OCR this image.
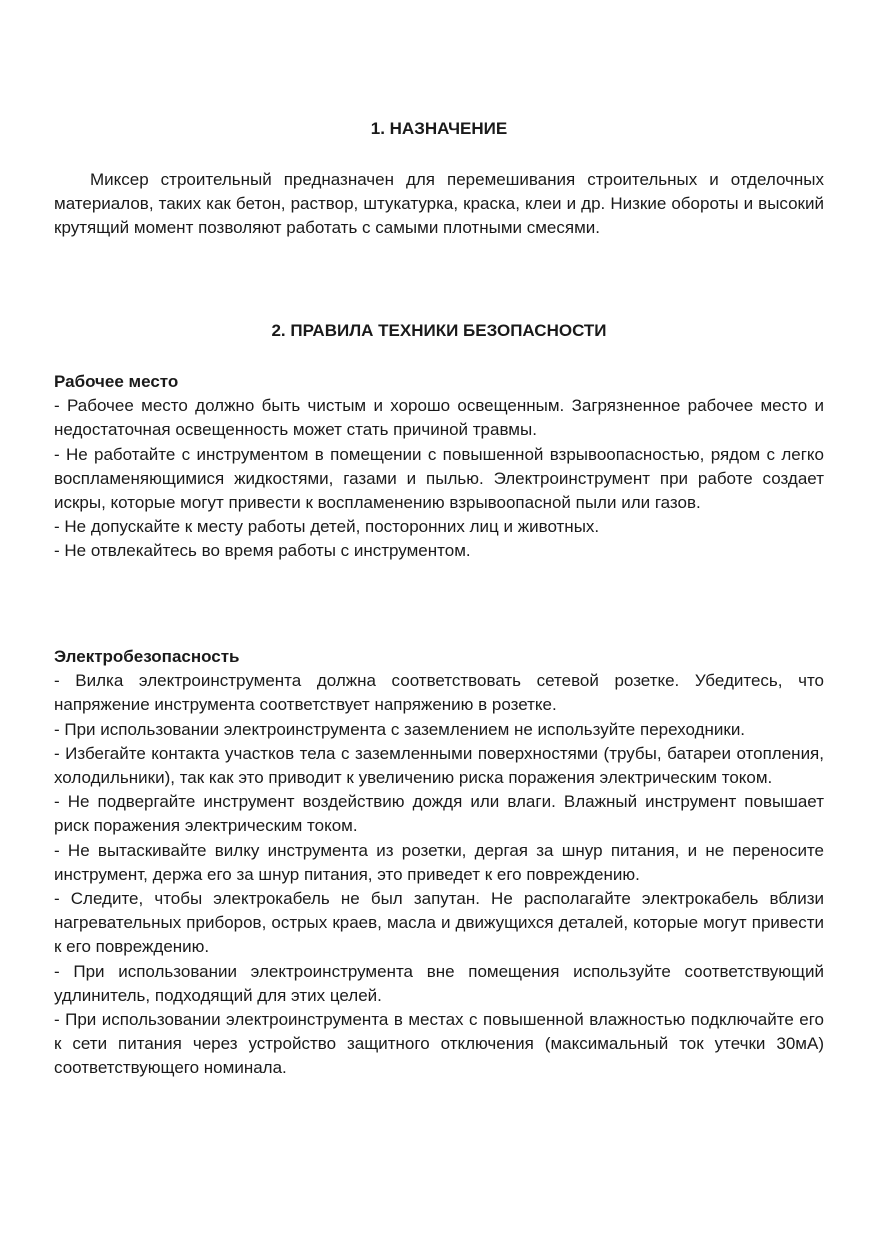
1. НАЗНАЧЕНИЕ

Миксер строительный предназначен для перемешивания строительных и отделочных материалов, таких как бетон, раствор, штукатурка, краска, клеи и др. Низкие обороты и высокий крутящий момент позволяют работать с самыми плотными смесями.

2. ПРАВИЛА ТЕХНИКИ БЕЗОПАСНОСТИ

Рабочее место

- Рабочее место должно быть чистым и хорошо освещенным. Загрязненное рабочее место и недостаточная освещенность может стать причиной травмы.

- Не работайте с инструментом в помещении с повышенной взрывоопасностью, рядом с легко воспламеняющимися жидкостями, газами и пылью. Электроинструмент при работе создает искры, которые могут привести к воспламенению взрывоопасной пыли или газов.

- Не допускайте к месту работы детей, посторонних лиц и животных.

- Не отвлекайтесь во время работы с инструментом.

Электробезопасность

- Вилка электроинструмента должна соответствовать сетевой розетке. Убедитесь, что напряжение инструмента соответствует напряжению в розетке.

- При использовании электроинструмента с заземлением не используйте переходники.

- Избегайте контакта участков тела с заземленными поверхностями (трубы, батареи отопления, холодильники), так как это приводит к увеличению риска поражения электрическим током.

- Не подвергайте инструмент воздействию дождя или влаги. Влажный инструмент повышает риск поражения электрическим током.

- Не вытаскивайте вилку инструмента из розетки, дергая за шнур питания, и не переносите инструмент, держа его за шнур питания, это приведет к его повреждению.

- Следите, чтобы электрокабель не был запутан. Не располагайте электрокабель вблизи нагревательных приборов, острых краев, масла и движущихся деталей, которые могут привести к его повреждению.

- При использовании электроинструмента вне помещения используйте соответствующий удлинитель, подходящий для этих целей.

- При использовании электроинструмента в местах с повышенной влажностью подключайте его к сети питания через устройство защитного отключения (максимальный ток утечки 30мА) соответствующего номинала.
